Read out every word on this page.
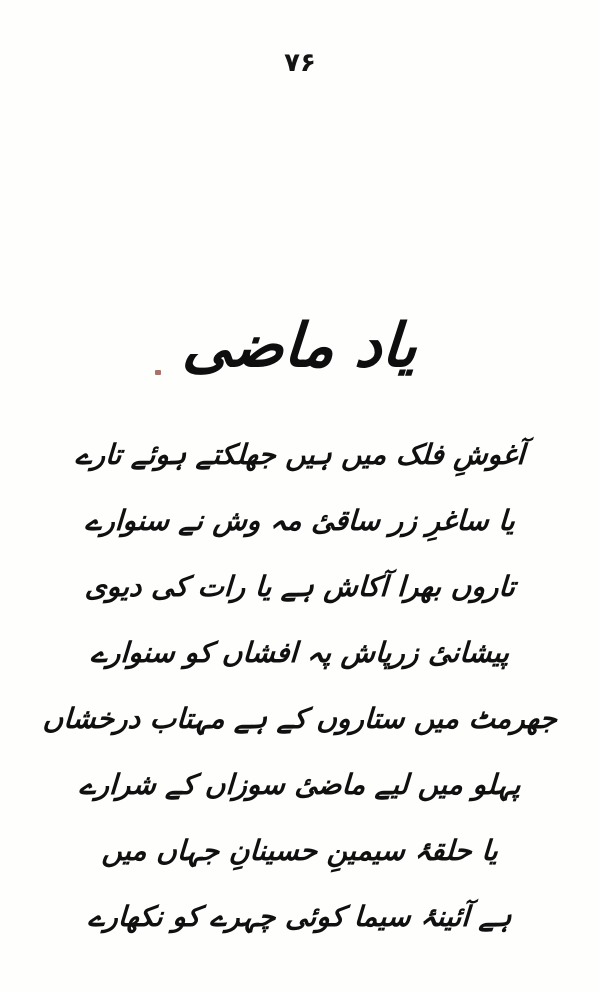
۷۶
یاد ماضی
آغوشِ فلک میں ہیں جھلکتے ہوئے تارے
یا ساغرِ زر ساقیٔ مہ وش نے سنوارے
تاروں بھرا آکاش ہے یا رات کی دیوی
پیشانیٔ زرپاش پہ افشاں کو سنوارے
جھرمٹ میں ستاروں کے ہے مہتاب درخشاں
پہلو میں لیے ماضیٔ سوزاں کے شرارے
یا حلقۂ سیمینِ حسینانِ جہاں میں
ہے آئینۂ سیما کوئی چہرے کو نکھارے
